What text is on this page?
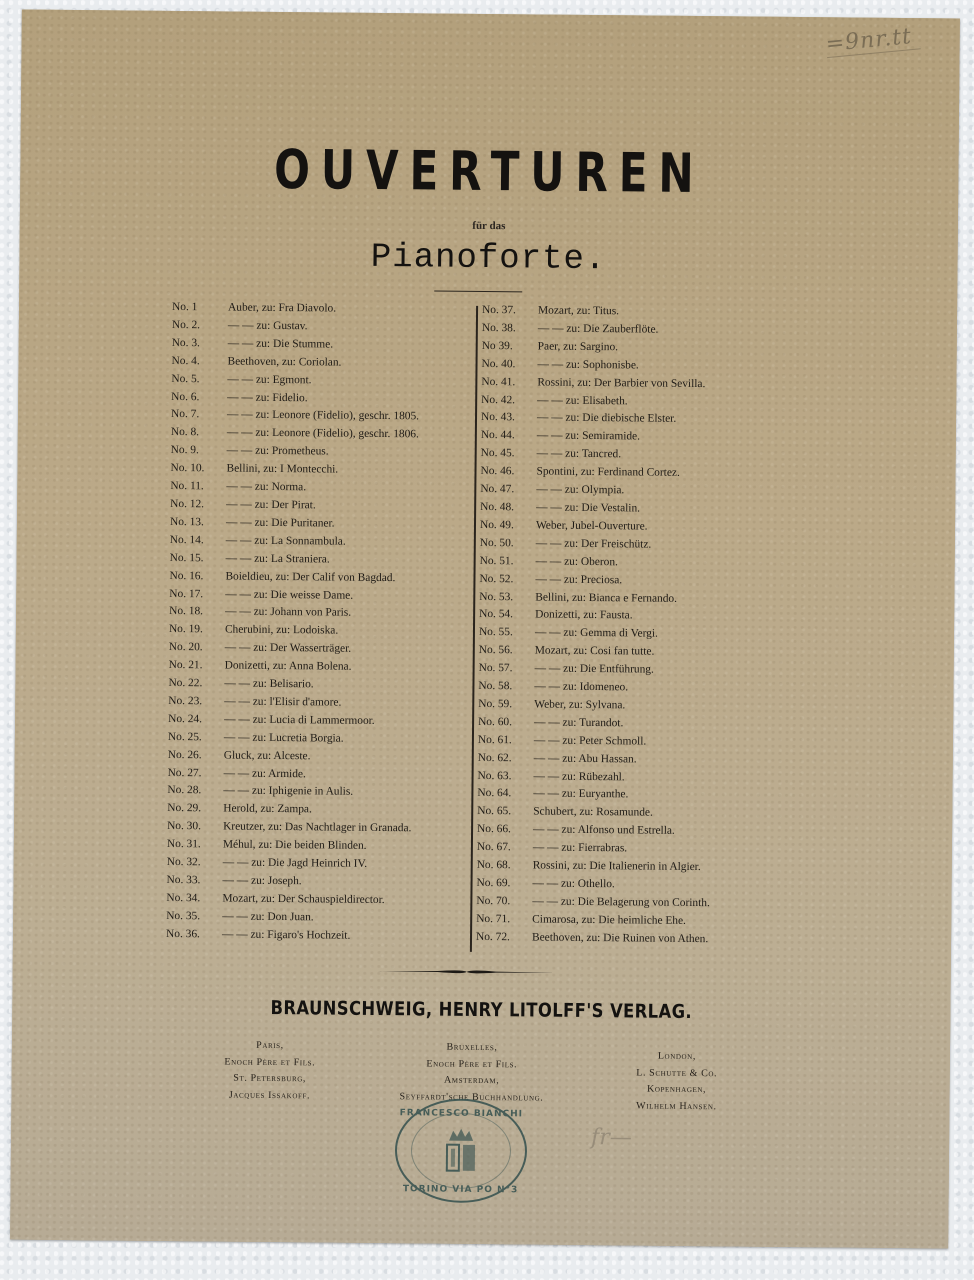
=9nr.tt
OUVERTUREN
für das
Pianoforte.
No. 1	Auber, zu: Fra Diavolo.
No. 2.	— — zu: Gustav.
No. 3.	— — zu: Die Stumme.
No. 4.	Beethoven, zu: Coriolan.
No. 5.	— — zu: Egmont.
No. 6.	— — zu: Fidelio.
No. 7.	— — zu: Leonore (Fidelio), geschr. 1805.
No. 8.	— — zu: Leonore (Fidelio), geschr. 1806.
No. 9.	— — zu: Prometheus.
No. 10.	Bellini, zu: I Montecchi.
No. 11.	— — zu: Norma.
No. 12.	— — zu: Der Pirat.
No. 13.	— — zu: Die Puritaner.
No. 14.	— — zu: La Sonnambula.
No. 15.	— — zu: La Straniera.
No. 16.	Boieldieu, zu: Der Calif von Bagdad.
No. 17.	— — zu: Die weisse Dame.
No. 18.	— — zu: Johann von Paris.
No. 19.	Cherubini, zu: Lodoiska.
No. 20.	— — zu: Der Wasserträger.
No. 21.	Donizetti, zu: Anna Bolena.
No. 22.	— — zu: Belisario.
No. 23.	— — zu: l'Elisir d'amore.
No. 24.	— — zu: Lucia di Lammermoor.
No. 25.	— — zu: Lucretia Borgia.
No. 26.	Gluck, zu: Alceste.
No. 27.	— — zu: Armide.
No. 28.	— — zu: Iphigenie in Aulis.
No. 29.	Herold, zu: Zampa.
No. 30.	Kreutzer, zu: Das Nachtlager in Granada.
No. 31.	Méhul, zu: Die beiden Blinden.
No. 32.	— — zu: Die Jagd Heinrich IV.
No. 33.	— — zu: Joseph.
No. 34.	Mozart, zu: Der Schauspieldirector.
No. 35.	— — zu: Don Juan.
No. 36.	— — zu: Figaro's Hochzeit.
No. 37.	Mozart, zu: Titus.
No. 38.	— — zu: Die Zauberflöte.
No 39.	Paer, zu: Sargino.
No. 40.	— — zu: Sophonisbe.
No. 41.	Rossini, zu: Der Barbier von Sevilla.
No. 42.	— — zu: Elisabeth.
No. 43.	— — zu: Die diebische Elster.
No. 44.	— — zu: Semiramide.
No. 45.	— — zu: Tancred.
No. 46.	Spontini, zu: Ferdinand Cortez.
No. 47.	— — zu: Olympia.
No. 48.	— — zu: Die Vestalin.
No. 49.	Weber, Jubel-Ouverture.
No. 50.	— — zu: Der Freischütz.
No. 51.	— — zu: Oberon.
No. 52.	— — zu: Preciosa.
No. 53.	Bellini, zu: Bianca e Fernando.
No. 54.	Donizetti, zu: Fausta.
No. 55.	— — zu: Gemma di Vergi.
No. 56.	Mozart, zu: Cosi fan tutte.
No. 57.	— — zu: Die Entführung.
No. 58.	— — zu: Idomeneo.
No. 59.	Weber, zu: Sylvana.
No. 60.	— — zu: Turandot.
No. 61.	— — zu: Peter Schmoll.
No. 62.	— — zu: Abu Hassan.
No. 63.	— — zu: Rübezahl.
No. 64.	— — zu: Euryanthe.
No. 65.	Schubert, zu: Rosamunde.
No. 66.	— — zu: Alfonso und Estrella.
No. 67.	— — zu: Fierrabras.
No. 68.	Rossini, zu: Die Italienerin in Algier.
No. 69.	— — zu: Othello.
No. 70.	— — zu: Die Belagerung von Corinth.
No. 71.	Cimarosa, zu: Die heimliche Ehe.
No. 72.	Beethoven, zu: Die Ruinen von Athen.
BRAUNSCHWEIG, HENRY LITOLFF'S VERLAG.
Paris,
Enoch Père et Fils.
St. Petersburg,
Jacques Issakoff.
Bruxelles,
Enoch Père et Fils.
Amsterdam,
Seyffardt'sche Buchhandlung.
London,
L. Schutte & Co.
Kopenhagen,
Wilhelm Hansen.
FRANCESCO BIANCHI
TORINO VIA PO N°3
fr—
